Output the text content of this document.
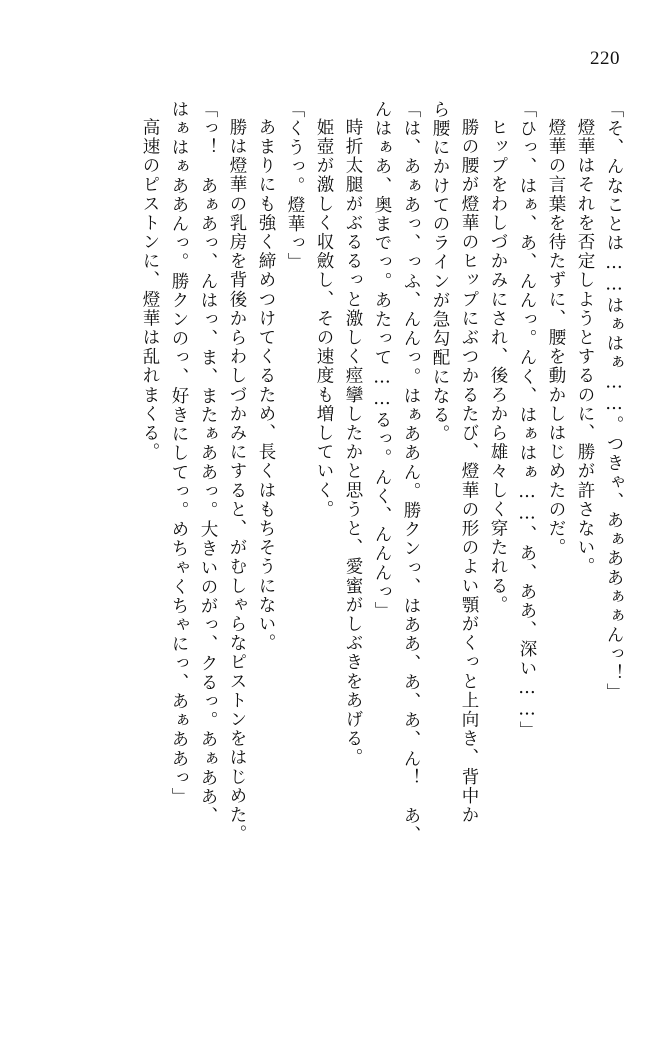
220
「そ、んなことは……はぁはぁ……。つきゃ、あぁああぁぁんっ！」
燈華はそれを否定しようとするのに、勝が許さない。
燈華の言葉を待たずに、腰を動かしはじめたのだ。
「ひっ、はぁ、あ、んんっ。んく、はぁはぁ……、あ、ああ、深い……」
ヒップをわしづかみにされ、後ろから雄々しく穿たれる。
勝の腰が燈華のヒップにぶつかるたび、燈華の形のよい顎がくっと上向き、背中か
ら腰にかけてのラインが急勾配になる。
「は、あぁあっ、っふ、んんっ。はぁああん。勝クンっ、はああ、あ、あ、ん！　あ、
んはぁあ、奥までっ。あたって……るっ。んく、んんんっ」
時折太腿がぶるるっと激しく痙攣したかと思うと、愛蜜がしぶきをあげる。
姫壺が激しく収斂し、その速度も増していく。
「くうっ。燈華っ」
あまりにも強く締めつけてくるため、長くはもちそうにない。
勝は燈華の乳房を背後からわしづかみにすると、がむしゃらなピストンをはじめた。
「っ！　あぁあっ、んはっ、ま、またぁああっ。大きいのがっ、クるっ。あぁああ、
はぁはぁああんっ。勝クンのっ、好きにしてっ。めちゃくちゃにっ、あぁああっ」
高速のピストンに、燈華は乱れまくる。
